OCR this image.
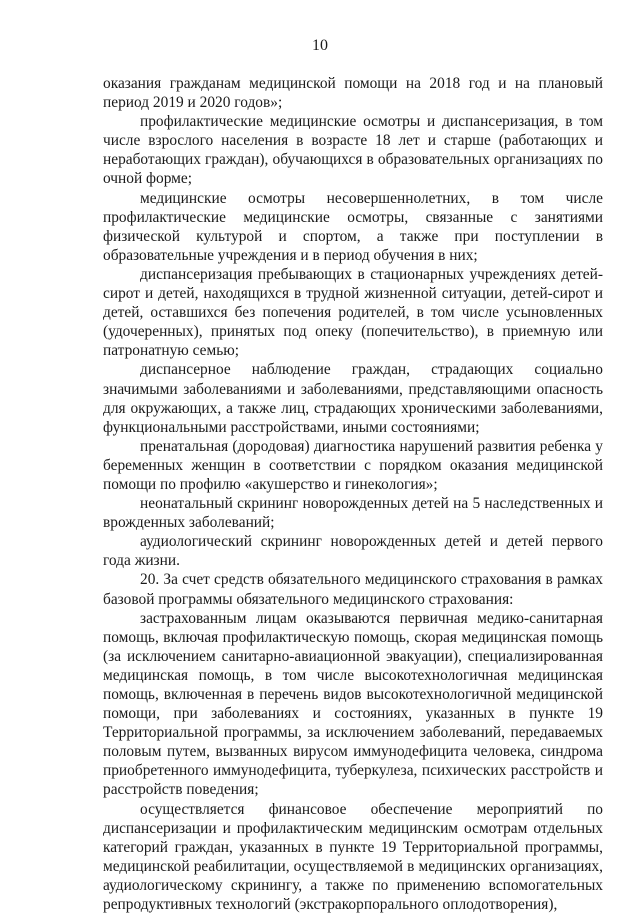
10

оказания гражданам медицинской помощи на 2018 год и на плановый период 2019 и 2020 годов»;

профилактические медицинские осмотры и диспансеризация, в том числе взрослого населения в возрасте 18 лет и старше (работающих и неработающих граждан), обучающихся в образовательных организациях по очной форме;

медицинские осмотры несовершеннолетних, в том числе профилактические медицинские осмотры, связанные с занятиями физической культурой и спортом, а также при поступлении в образовательные учреждения и в период обучения в них;

диспансеризация пребывающих в стационарных учреждениях детей-сирот и детей, находящихся в трудной жизненной ситуации, детей-сирот и детей, оставшихся без попечения родителей, в том числе усыновленных (удочеренных), принятых под опеку (попечительство), в приемную или патронатную семью;

диспансерное наблюдение граждан, страдающих социально значимыми заболеваниями и заболеваниями, представляющими опасность для окружающих, а также лиц, страдающих хроническими заболеваниями, функциональными расстройствами, иными состояниями;

пренатальная (дородовая) диагностика нарушений развития ребенка у беременных женщин в соответствии с порядком оказания медицинской помощи по профилю «акушерство и гинекология»;

неонатальный скрининг новорожденных детей на 5 наследственных и врожденных заболеваний;

аудиологический скрининг новорожденных детей и детей первого года жизни.

20. За счет средств обязательного медицинского страхования в рамках базовой программы обязательного медицинского страхования:

застрахованным лицам оказываются первичная медико-санитарная помощь, включая профилактическую помощь, скорая медицинская помощь (за исключением санитарно-авиационной эвакуации), специализированная медицинская помощь, в том числе высокотехнологичная медицинская помощь, включенная в перечень видов высокотехнологичной медицинской помощи, при заболеваниях и состояниях, указанных в пункте 19 Территориальной программы, за исключением заболеваний, передаваемых половым путем, вызванных вирусом иммунодефицита человека, синдрома приобретенного иммунодефицита, туберкулеза, психических расстройств и расстройств поведения;

осуществляется финансовое обеспечение мероприятий по диспансеризации и профилактическим медицинским осмотрам отдельных категорий граждан, указанных в пункте 19 Территориальной программы, медицинской реабилитации, осуществляемой в медицинских организациях, аудиологическому скринингу, а также по применению вспомогательных репродуктивных технологий (экстракорпорального оплодотворения),
